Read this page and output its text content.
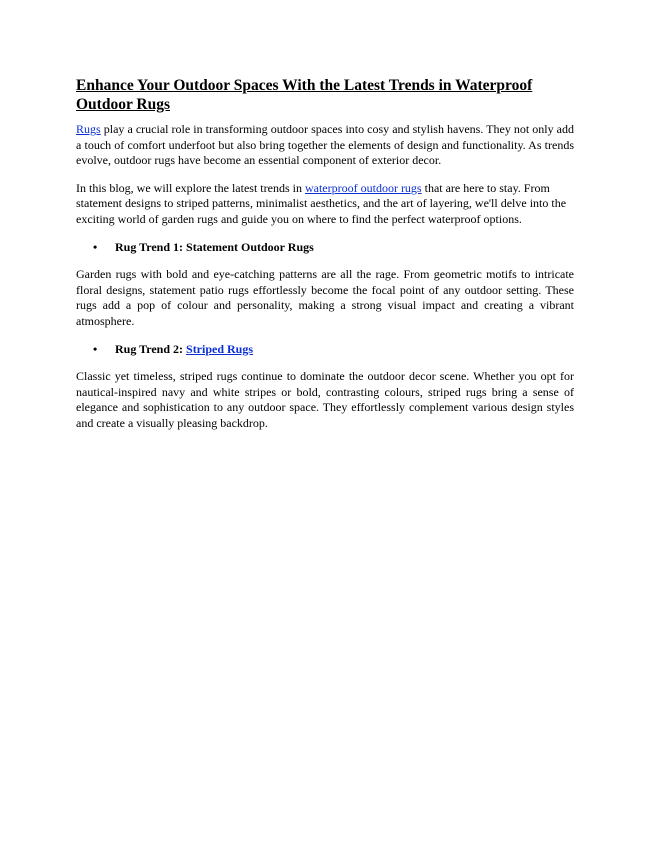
Enhance Your Outdoor Spaces With the Latest Trends in Waterproof Outdoor Rugs

Rugs play a crucial role in transforming outdoor spaces into cosy and stylish havens. They not only add a touch of comfort underfoot but also bring together the elements of design and functionality. As trends evolve, outdoor rugs have become an essential component of exterior decor.

In this blog, we will explore the latest trends in waterproof outdoor rugs that are here to stay. From statement designs to striped patterns, minimalist aesthetics, and the art of layering, we'll delve into the exciting world of garden rugs and guide you on where to find the perfect waterproof options.

• Rug Trend 1: Statement Outdoor Rugs

Garden rugs with bold and eye-catching patterns are all the rage. From geometric motifs to intricate floral designs, statement patio rugs effortlessly become the focal point of any outdoor setting. These rugs add a pop of colour and personality, making a strong visual impact and creating a vibrant atmosphere.

• Rug Trend 2: Striped Rugs

Classic yet timeless, striped rugs continue to dominate the outdoor decor scene. Whether you opt for nautical-inspired navy and white stripes or bold, contrasting colours, striped rugs bring a sense of elegance and sophistication to any outdoor space. They effortlessly complement various design styles and create a visually pleasing backdrop.
